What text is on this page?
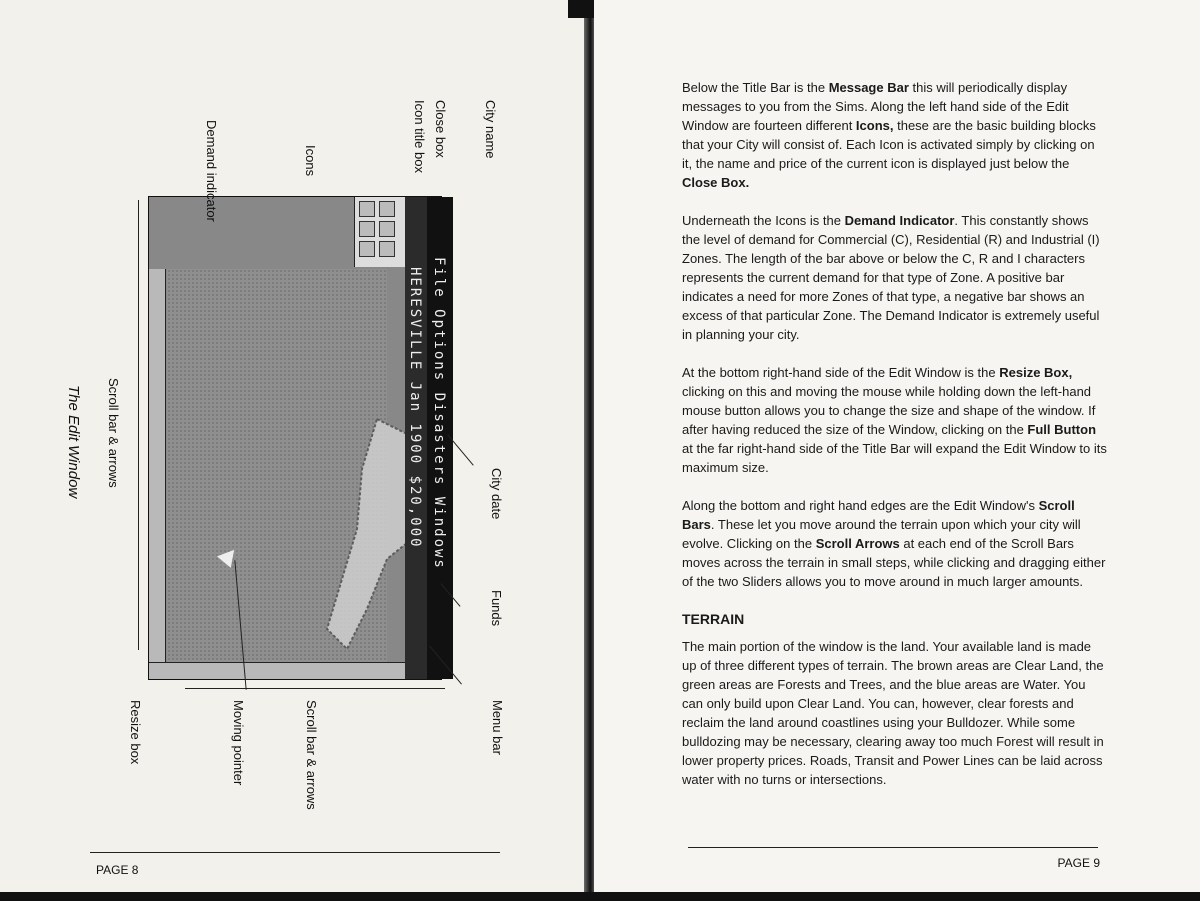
HERESVILLE Jan 1900 $20,000 File Options Disasters Windows
City name
Close box
Icon title box
Icons
Demand indicator
City date
Funds
Scroll bar & arrows
Resize box	Moving pointer	Scroll bar & arrows	Menu bar
The Edit Window
PAGE 8

Below the Title Bar is the Message Bar this will periodically display messages to you from the Sims. Along the left hand side of the Edit Window are fourteen different Icons, these are the basic building blocks that your City will consist of. Each Icon is activated simply by clicking on it, the name and price of the current icon is displayed just below the Close Box.

Underneath the Icons is the Demand Indicator. This constantly shows the level of demand for Commercial (C), Residential (R) and Industrial (I) Zones. The length of the bar above or below the C, R and I characters represents the current demand for that type of Zone. A positive bar indicates a need for more Zones of that type, a negative bar shows an excess of that particular Zone. The Demand Indicator is extremely useful in planning your city.

At the bottom right-hand side of the Edit Window is the Resize Box, clicking on this and moving the mouse while holding down the left-hand mouse button allows you to change the size and shape of the window. If after having reduced the size of the Window, clicking on the Full Button at the far right-hand side of the Title Bar will expand the Edit Window to its maximum size.

Along the bottom and right hand edges are the Edit Window's Scroll Bars. These let you move around the terrain upon which your city will evolve. Clicking on the Scroll Arrows at each end of the Scroll Bars moves across the terrain in small steps, while clicking and dragging either of the two Sliders allows you to move around in much larger amounts.

TERRAIN

The main portion of the window is the land. Your available land is made up of three different types of terrain. The brown areas are Clear Land, the green areas are Forests and Trees, and the blue areas are Water. You can only build upon Clear Land. You can, however, clear forests and reclaim the land around coastlines using your Bulldozer. While some bulldozing may be necessary, clearing away too much Forest will result in lower property prices. Roads, Transit and Power Lines can be laid across water with no turns or intersections.

PAGE 9
